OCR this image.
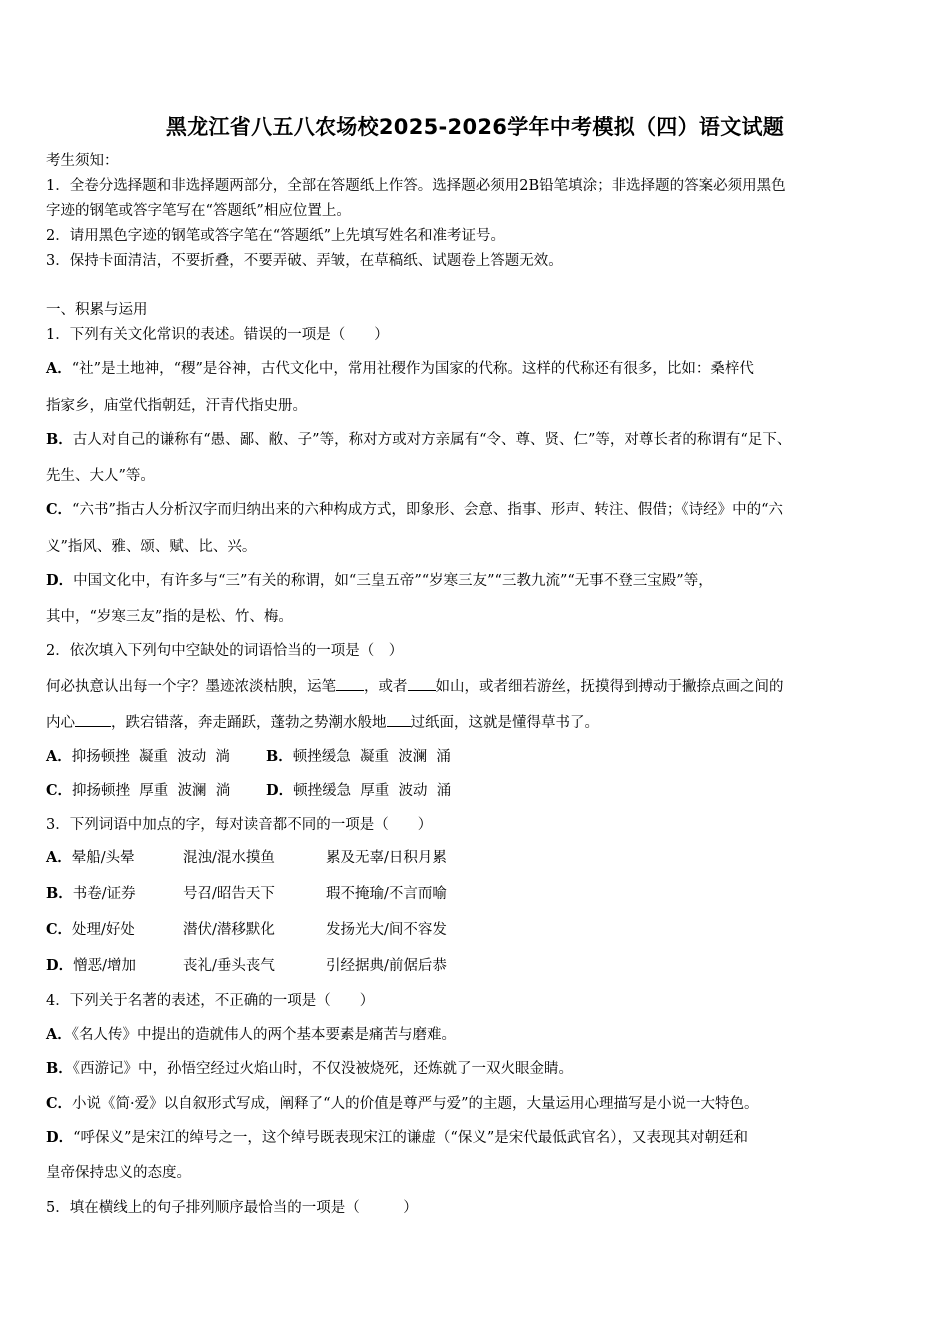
黑龙江省八五八农场校2025-2026学年中考模拟（四）语文试题
考生须知：
1．全卷分选择题和非选择题两部分，全部在答题纸上作答。选择题必须用2B铅笔填涂；非选择题的答案必须用黑色
字迹的钢笔或答字笔写在“答题纸”相应位置上。
2．请用黑色字迹的钢笔或答字笔在“答题纸”上先填写姓名和准考证号。
3．保持卡面清洁，不要折叠，不要弄破、弄皱，在草稿纸、试题卷上答题无效。
一、积累与运用
1．下列有关文化常识的表述。错误的一项是（　　）
A．“社”是土地神，“稷”是谷神，古代文化中，常用社稷作为国家的代称。这样的代称还有很多，比如：桑梓代
指家乡，庙堂代指朝廷，汗青代指史册。
B．古人对自己的谦称有“愚、鄙、敝、子”等，称对方或对方亲属有“令、尊、贤、仁”等，对尊长者的称谓有“足下、
先生、大人”等。
C．“六书”指古人分析汉字而归纳出来的六种构成方式，即象形、会意、指事、形声、转注、假借；《诗经》中的“六
义”指风、雅、颂、赋、比、兴。
D．中国文化中，有许多与“三”有关的称谓，如“三皇五帝”“岁寒三友”“三教九流”“无事不登三宝殿”等，
其中，“岁寒三友”指的是松、竹、梅。
2．依次填入下列句中空缺处的词语恰当的一项是（　）
何必执意认出每一个字？墨迹浓淡枯腴，运笔 ，或者 如山，或者细若游丝，抚摸得到搏动于撇捺点画之间的
内心 ，跌宕错落，奔走踊跃，蓬勃之势潮水般地 过纸面，这就是懂得草书了。
A．抑扬顿挫  凝重  波动  淌 B．顿挫缓急  凝重  波澜  涌
C．抑扬顿挫  厚重  波澜  淌 D．顿挫缓急  厚重  波动  涌
3．下列词语中加点的字，每对读音都不同的一项是（　　）
A．晕船/头晕	混浊/混水摸鱼	累及无辜/日积月累
B．书卷/证券	号召/昭告天下	瑕不掩瑜/不言而喻
C．处理/好处	潜伏/潜移默化	发扬光大/间不容发
D．憎恶/增加	丧礼/垂头丧气	引经据典/前倨后恭
4．下列关于名著的表述，不正确的一项是（　　）
A．《名人传》中提出的造就伟人的两个基本要素是痛苦与磨难。
B．《西游记》中，孙悟空经过火焰山时，不仅没被烧死，还炼就了一双火眼金睛。
C．小说《简·爱》以自叙形式写成，阐释了“人的价值是尊严与爱”的主题，大量运用心理描写是小说一大特色。
D．“呼保义”是宋江的绰号之一，这个绰号既表现宋江的谦虚（“保义”是宋代最低武官名），又表现其对朝廷和
皇帝保持忠义的态度。
5．填在横线上的句子排列顺序最恰当的一项是（　　　）
